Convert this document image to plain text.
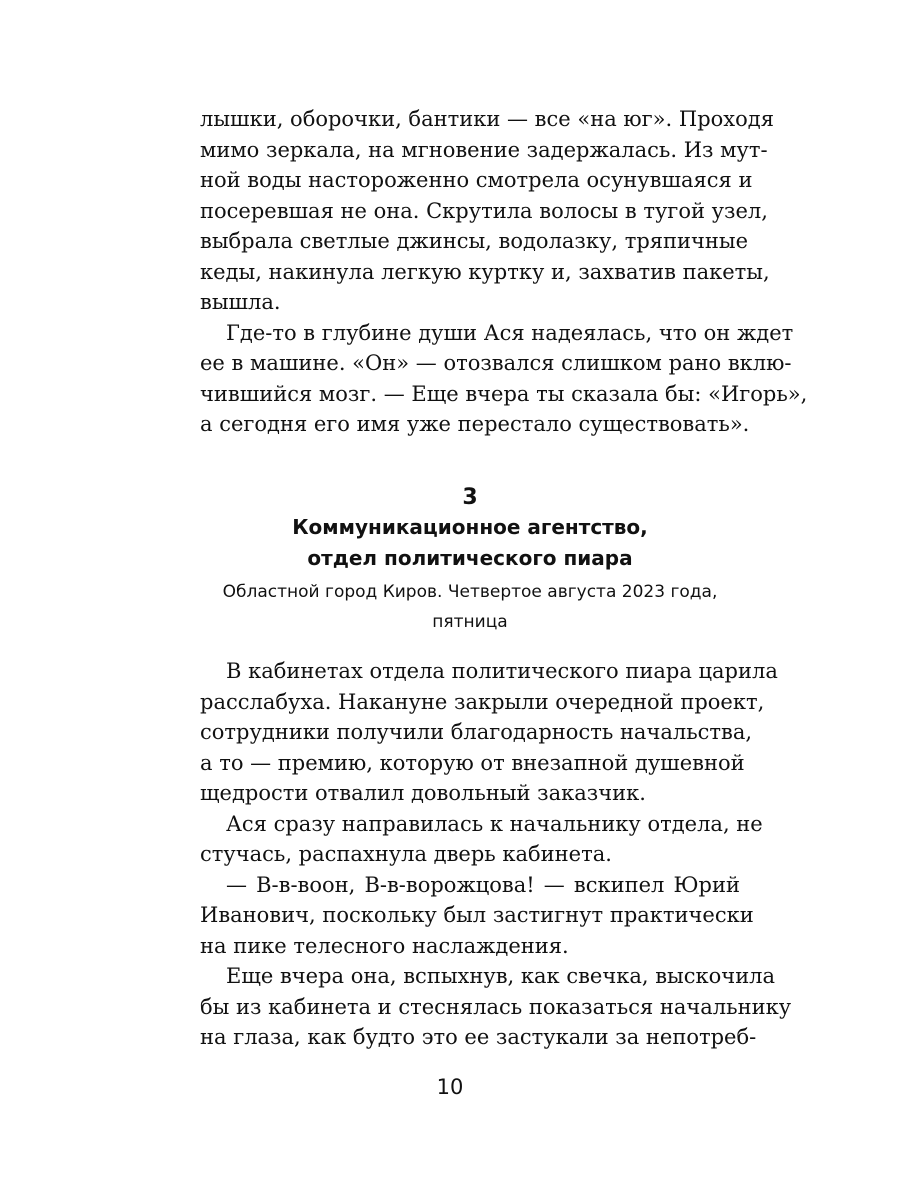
лышки, оборочки, бантики — все «на юг». Проходя
мимо зеркала, на мгновение задержалась. Из мут-
ной воды настороженно смотрела осунувшаяся и
посеревшая не она. Скрутила волосы в тугой узел,
выбрала светлые джинсы, водолазку, тряпичные
кеды, накинула легкую куртку и, захватив пакеты,
вышла.

Где-то в глубине души Ася надеялась, что он ждет
ее в машине. «Он» — отозвался слишком рано вклю-
чившийся мозг. — Еще вчера ты сказала бы: «Игорь»,
а сегодня его имя уже перестало существовать».

3
Коммуникационное агентство,
отдел политического пиара
Областной город Киров. Четвертое августа 2023 года,
пятница

В кабинетах отдела политического пиара царила
расслабуха. Накануне закрыли очередной проект,
сотрудники получили благодарность начальства,
а то — премию, которую от внезапной душевной
щедрости отвалил довольный заказчик.

Ася сразу направилась к начальнику отдела, не
стучась, распахнула дверь кабинета.

— В-в-воон, В-в-ворожцова! — вскипел Юрий
Иванович, поскольку был застигнут практически
на пике телесного наслаждения.

Еще вчера она, вспыхнув, как свечка, выскочила
бы из кабинета и стеснялась показаться начальнику
на глаза, как будто это ее застукали за непотреб-

10
